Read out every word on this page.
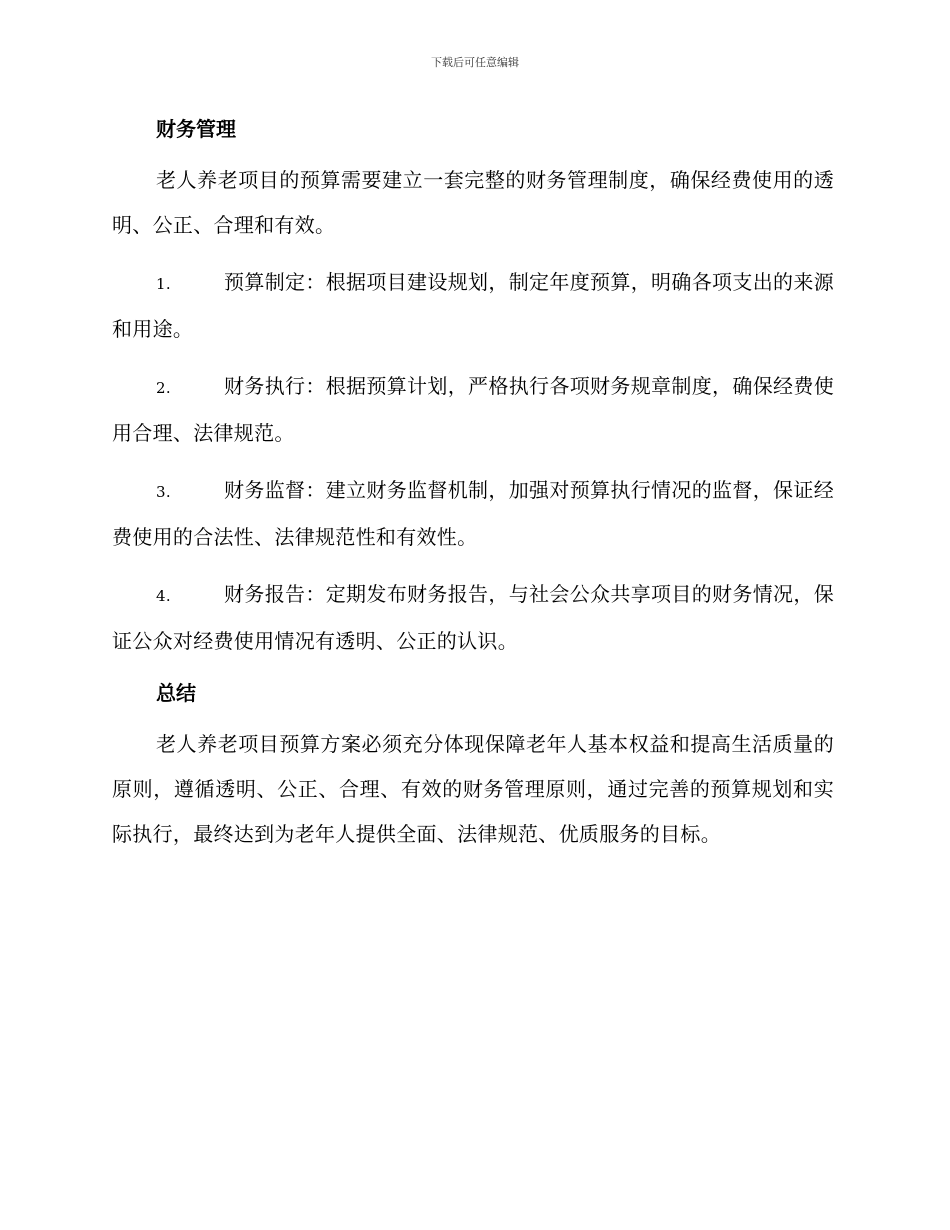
下载后可任意编辑
财务管理

老人养老项目的预算需要建立一套完整的财务管理制度，确保经费使用的透明、公正、合理和有效。

1.	预算制定：根据项目建设规划，制定年度预算，明确各项支出的来源和用途。

2.	财务执行：根据预算计划，严格执行各项财务规章制度，确保经费使用合理、法律规范。

3.	财务监督：建立财务监督机制，加强对预算执行情况的监督，保证经费使用的合法性、法律规范性和有效性。

4.	财务报告：定期发布财务报告，与社会公众共享项目的财务情况，保证公众对经费使用情况有透明、公正的认识。

总结

老人养老项目预算方案必须充分体现保障老年人基本权益和提高生活质量的原则，遵循透明、公正、合理、有效的财务管理原则，通过完善的预算规划和实际执行，最终达到为老年人提供全面、法律规范、优质服务的目标。
